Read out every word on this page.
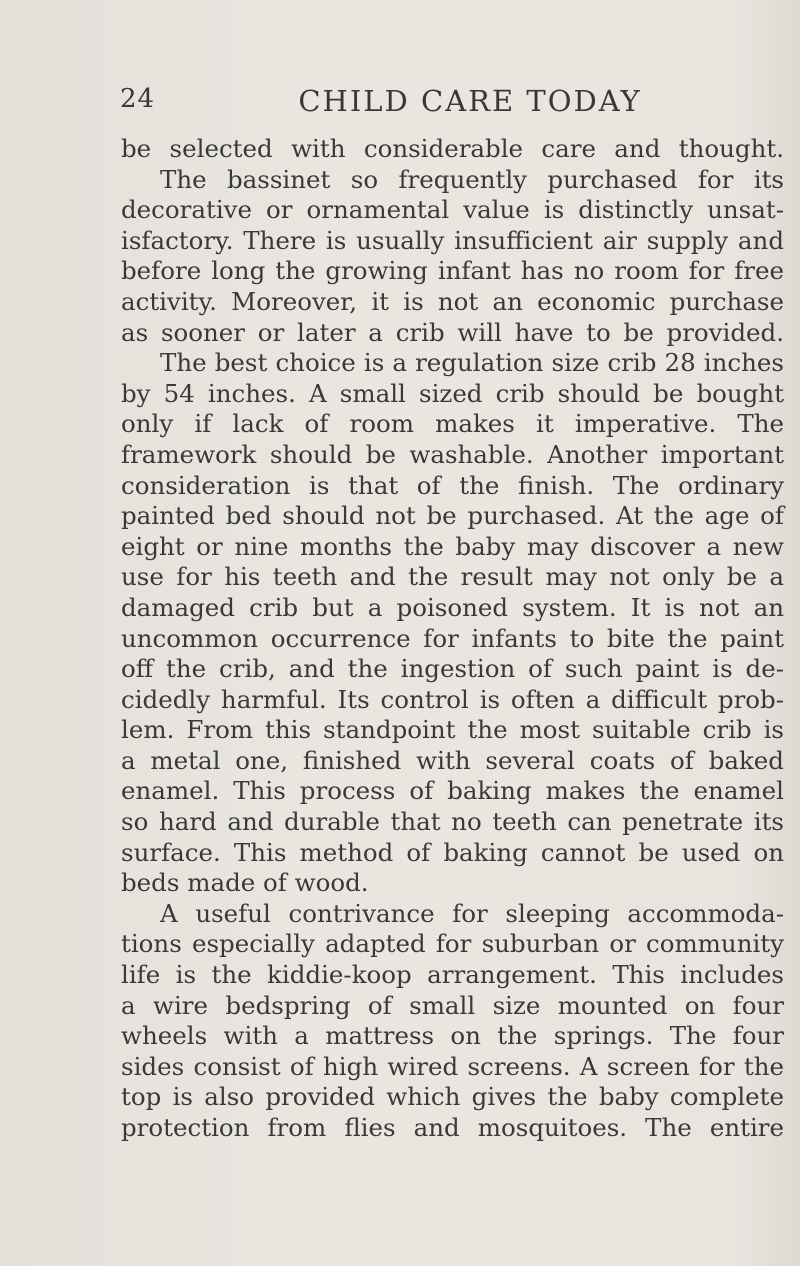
24	CHILD CARE TODAY
be selected with considerable care and thought.
The bassinet so frequently purchased for its
decorative or ornamental value is distinctly unsat-
isfactory. There is usually insufficient air supply and
before long the growing infant has no room for free
activity. Moreover, it is not an economic purchase
as sooner or later a crib will have to be provided.
The best choice is a regulation size crib 28 inches
by 54 inches. A small sized crib should be bought
only if lack of room makes it imperative. The
framework should be washable. Another important
consideration is that of the finish. The ordinary
painted bed should not be purchased. At the age of
eight or nine months the baby may discover a new
use for his teeth and the result may not only be a
damaged crib but a poisoned system. It is not an
uncommon occurrence for infants to bite the paint
off the crib, and the ingestion of such paint is de-
cidedly harmful. Its control is often a difficult prob-
lem. From this standpoint the most suitable crib is
a metal one, finished with several coats of baked
enamel. This process of baking makes the enamel
so hard and durable that no teeth can penetrate its
surface. This method of baking cannot be used on
beds made of wood.
A useful contrivance for sleeping accommoda-
tions especially adapted for suburban or community
life is the kiddie-koop arrangement. This includes
a wire bedspring of small size mounted on four
wheels with a mattress on the springs. The four
sides consist of high wired screens. A screen for the
top is also provided which gives the baby complete
protection from flies and mosquitoes. The entire
